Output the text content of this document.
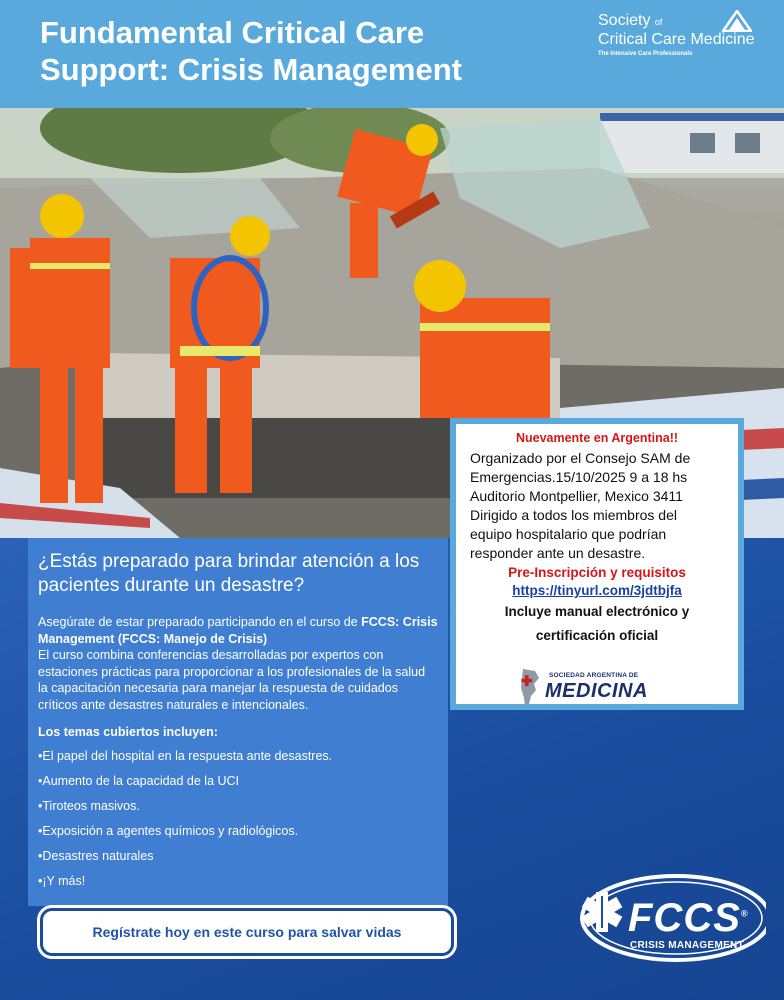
Fundamental Critical Care
Support: Crisis Management
Society of
Critical Care Medicine
The Intensive Care Professionals
¿Estás preparado para brindar atención a los pacientes durante un desastre?
Asegúrate de estar preparado participando en el curso de FCCS: Crisis Management (FCCS: Manejo de Crisis)
El curso combina conferencias desarrolladas por expertos con estaciones prácticas para proporcionar a los profesionales de la salud la capacitación necesaria para manejar la respuesta de cuidados críticos ante desastres naturales e intencionales.
Los temas cubiertos incluyen:
•El papel del hospital en la respuesta ante desastres.
•Aumento de la capacidad de la UCI
•Tiroteos masivos.
•Exposición a agentes químicos y radiológicos.
•Desastres naturales
•¡Y más!
Regístrate hoy en este curso para salvar vidas
Nuevamente en Argentina!!
Organizado por el Consejo SAM de
Emergencias.15/10/2025 9 a 18 hs
Auditorio Montpellier, Mexico 3411
Dirigido a todos los miembros del
equipo hospitalario que podrían
responder ante un desastre.
Pre-Inscripción y requisitos
https://tinyurl.com/3jdtbjfa
Incluye manual electrónico y
certificación oficial
SOCIEDAD ARGENTINA DE
MEDICINA
FCCS®
CRISIS MANAGEMENT
